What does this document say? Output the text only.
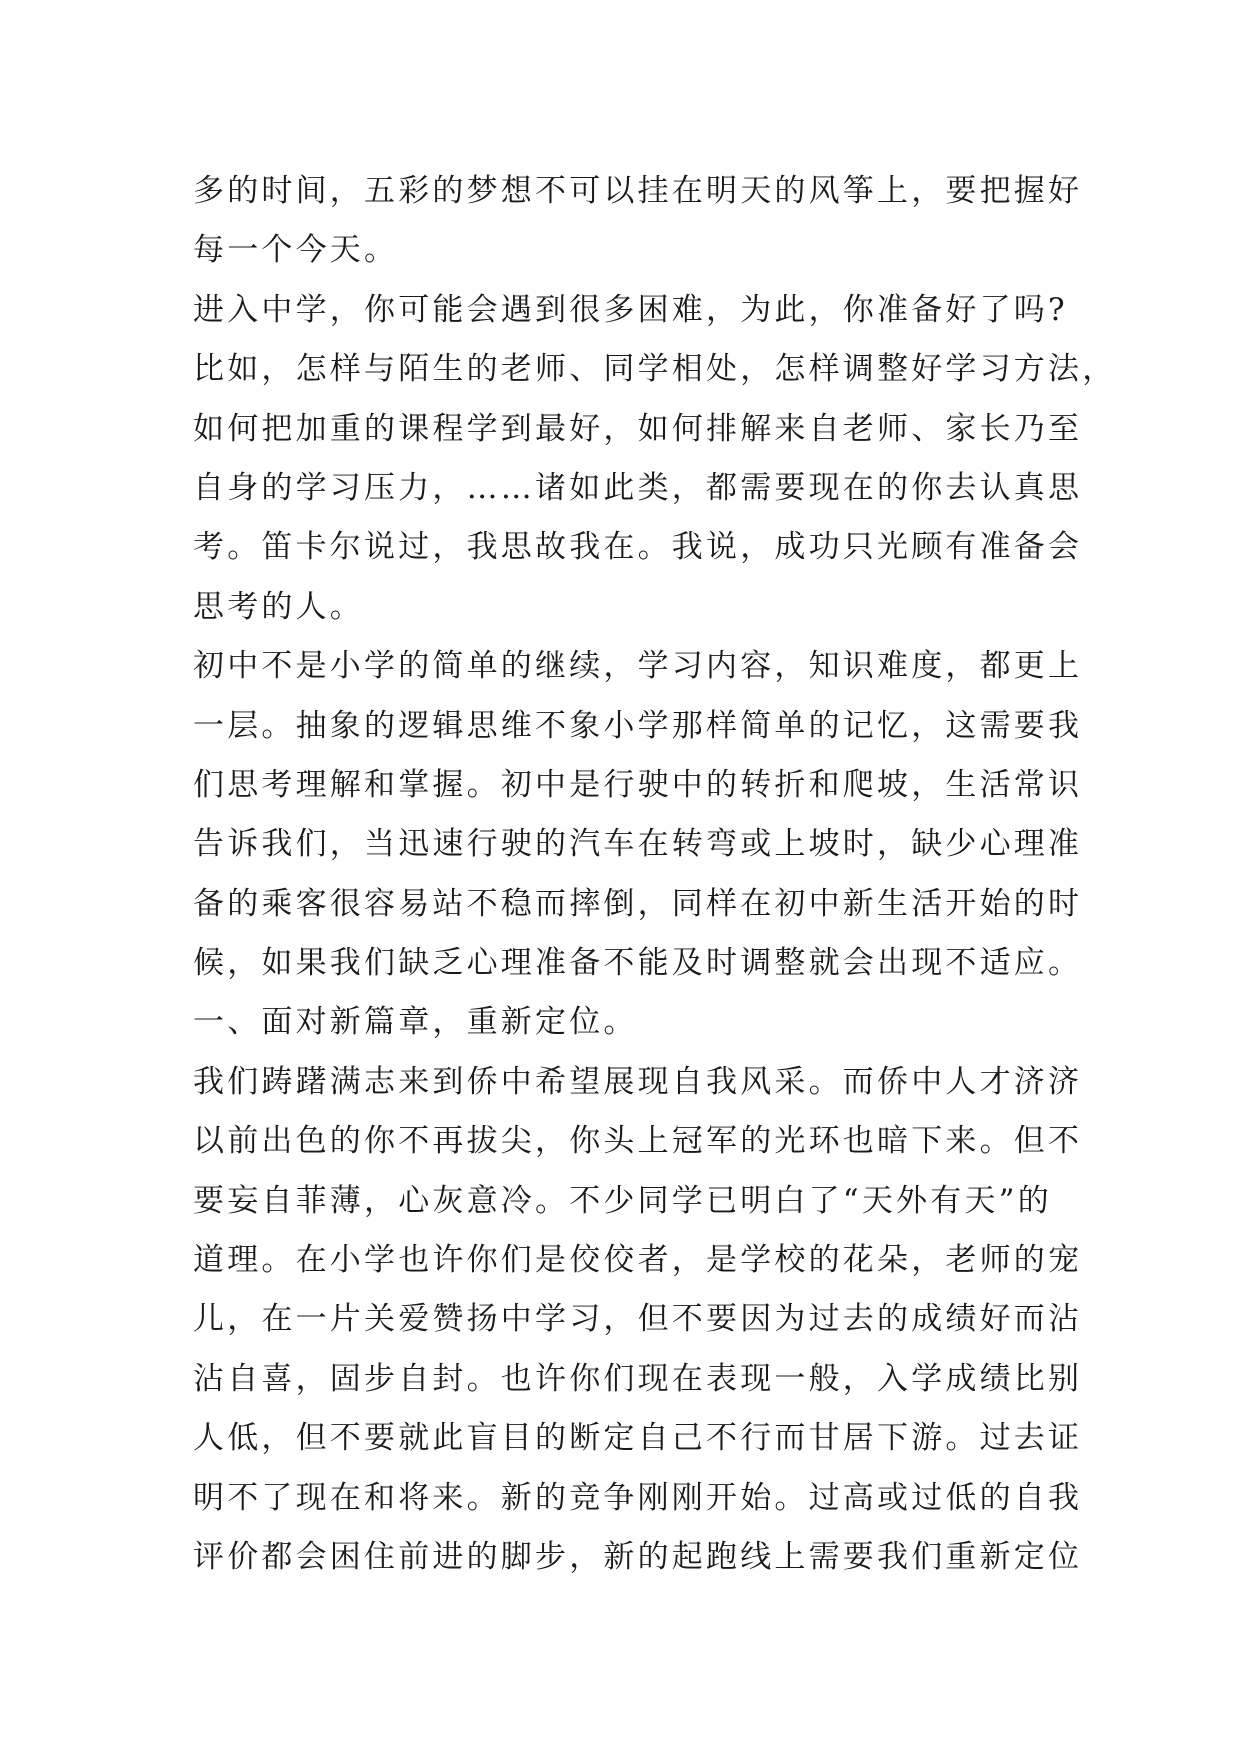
多的时间，五彩的梦想不可以挂在明天的风筝上，要把握好
每一个今天。
进入中学，你可能会遇到很多困难，为此，你准备好了吗?
比如，怎样与陌生的老师、同学相处，怎样调整好学习方法，
如何把加重的课程学到最好，如何排解来自老师、家长乃至
自身的学习压力，……诸如此类，都需要现在的你去认真思
考。笛卡尔说过，我思故我在。我说，成功只光顾有准备会
思考的人。
初中不是小学的简单的继续，学习内容，知识难度，都更上
一层。抽象的逻辑思维不象小学那样简单的记忆，这需要我
们思考理解和掌握。初中是行驶中的转折和爬坡，生活常识
告诉我们，当迅速行驶的汽车在转弯或上坡时，缺少心理准
备的乘客很容易站不稳而摔倒，同样在初中新生活开始的时
候，如果我们缺乏心理准备不能及时调整就会出现不适应。
一、面对新篇章，重新定位。
我们踌躇满志来到侨中希望展现自我风采。而侨中人才济济
以前出色的你不再拔尖，你头上冠军的光环也暗下来。但不
要妄自菲薄，心灰意冷。不少同学已明白了“天外有天”的
道理。在小学也许你们是佼佼者，是学校的花朵，老师的宠
儿，在一片关爱赞扬中学习，但不要因为过去的成绩好而沾
沾自喜，固步自封。也许你们现在表现一般，入学成绩比别
人低，但不要就此盲目的断定自己不行而甘居下游。过去证
明不了现在和将来。新的竞争刚刚开始。过高或过低的自我
评价都会困住前进的脚步，新的起跑线上需要我们重新定位
